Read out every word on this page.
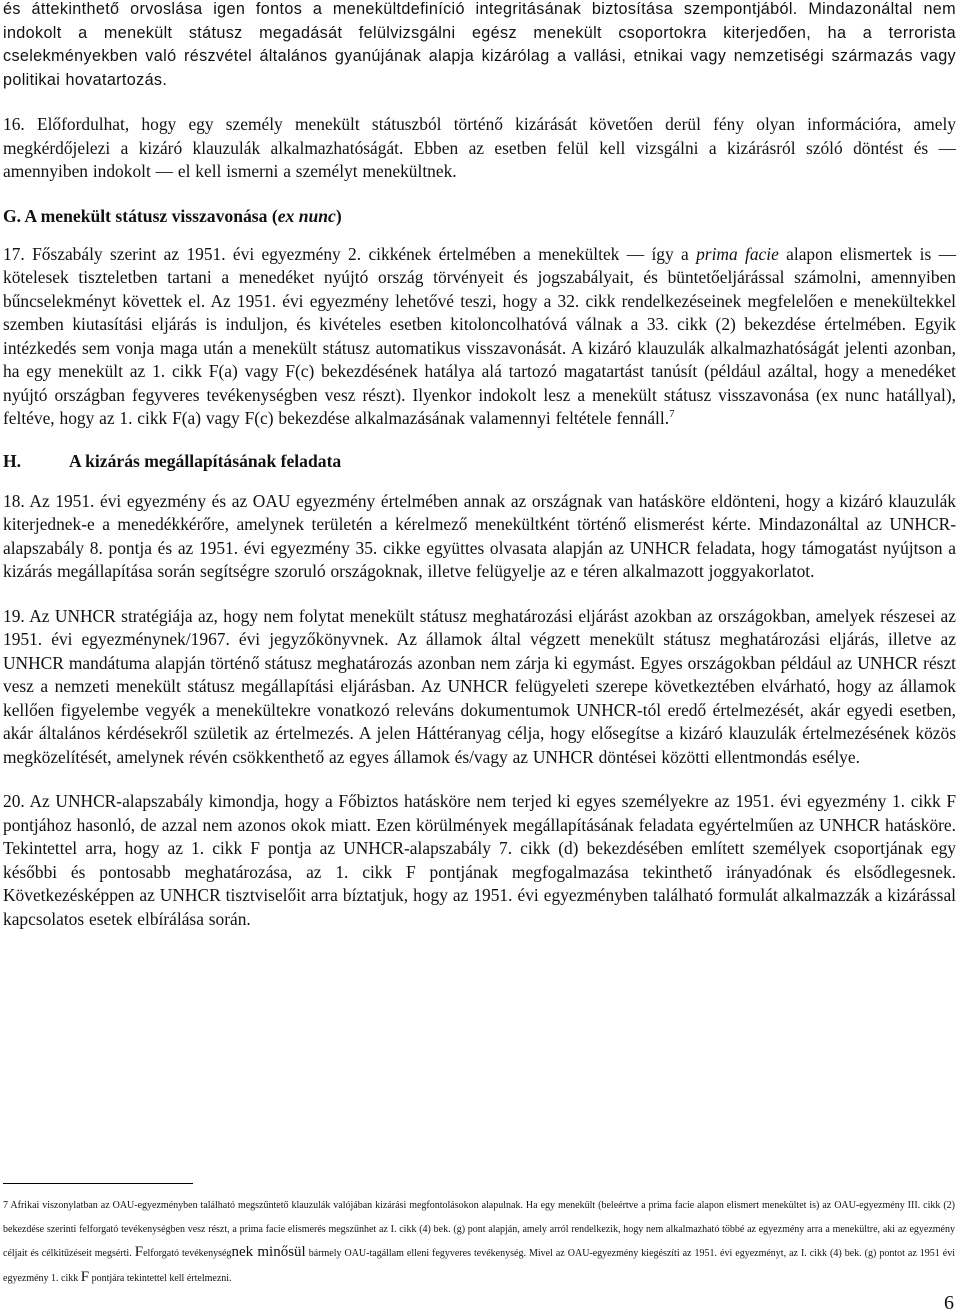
és áttekinthető orvoslása igen fontos a menekültdefiníció integritásának biztosítása szempontjából. Mindazonáltal nem indokolt a menekült státusz megadását felülvizsgálni egész menekült csoportokra kiterjedően, ha a terrorista cselekményekben való részvétel általános gyanújának alapja kizárólag a vallási, etnikai vagy nemzetiségi származás vagy politikai hovatartozás.

16. Előfordulhat, hogy egy személy menekült státuszból történő kizárását követően derül fény olyan információra, amely megkérdőjelezi a kizáró klauzulák alkalmazhatóságát. Ebben az esetben felül kell vizsgálni a kizárásról szóló döntést és — amennyiben indokolt — el kell ismerni a személyt menekültnek.

G. A menekült státusz visszavonása (ex nunc)

17. Főszabály szerint az 1951. évi egyezmény 2. cikkének értelmében a menekültek — így a prima facie alapon elismertek is — kötelesek tiszteletben tartani a menedéket nyújtó ország törvényeit és jogszabályait, és büntetőeljárással számolni, amennyiben bűncselekményt követtek el. Az 1951. évi egyezmény lehetővé teszi, hogy a 32. cikk rendelkezéseinek megfelelően e menekültekkel szemben kiutasítási eljárás is induljon, és kivételes esetben kitoloncolhatóvá válnak a 33. cikk (2) bekezdése értelmében. Egyik intézkedés sem vonja maga után a menekült státusz automatikus visszavonását. A kizáró klauzulák alkalmazhatóságát jelenti azonban, ha egy menekült az 1. cikk F(a) vagy F(c) bekezdésének hatálya alá tartozó magatartást tanúsít (például azáltal, hogy a menedéket nyújtó országban fegyveres tevékenységben vesz részt). Ilyenkor indokolt lesz a menekült státusz visszavonása (ex nunc hatállyal), feltéve, hogy az 1. cikk F(a) vagy F(c) bekezdése alkalmazásának valamennyi feltétele fennáll.$^7$

H.	A kizárás megállapításának feladata

18. Az 1951. évi egyezmény és az OAU egyezmény értelmében annak az országnak van hatásköre eldönteni, hogy a kizáró klauzulák kiterjednek-e a menedékkérőre, amelynek területén a kérelmező menekültként történő elismerést kérte. Mindazonáltal az UNHCR-alapszabály 8. pontja és az 1951. évi egyezmény 35. cikke együttes olvasata alapján az UNHCR feladata, hogy támogatást nyújtson a kizárás megállapítása során segítségre szoruló országoknak, illetve felügyelje az e téren alkalmazott joggyakorlatot.

19. Az UNHCR stratégiája az, hogy nem folytat menekült státusz meghatározási eljárást azokban az országokban, amelyek részesei az 1951. évi egyezménynek/1967. évi jegyzőkönyvnek. Az államok által végzett menekült státusz meghatározási eljárás, illetve az UNHCR mandátuma alapján történő státusz meghatározás azonban nem zárja ki egymást. Egyes országokban például az UNHCR részt vesz a nemzeti menekült státusz megállapítási eljárásban. Az UNHCR felügyeleti szerepe következtében elvárható, hogy az államok kellően figyelembe vegyék a menekültekre vonatkozó releváns dokumentumok UNHCR-tól eredő értelmezését, akár egyedi esetben, akár általános kérdésekről születik az értelmezés. A jelen Háttéranyag célja, hogy elősegítse a kizáró klauzulák értelmezésének közös megközelítését, amelynek révén csökkenthető az egyes államok és/vagy az UNHCR döntései közötti ellentmondás esélye.

20. Az UNHCR-alapszabály kimondja, hogy a Főbiztos hatásköre nem terjed ki egyes személyekre az 1951. évi egyezmény 1. cikk F pontjához hasonló, de azzal nem azonos okok miatt. Ezen körülmények megállapításának feladata egyértelműen az UNHCR hatásköre. Tekintettel arra, hogy az 1. cikk F pontja az UNHCR-alapszabály 7. cikk (d) bekezdésében említett személyek csoportjának egy későbbi és pontosabb meghatározása, az 1. cikk F pontjának megfogalmazása tekinthető irányadónak és elsődlegesnek. Következésképpen az UNHCR tisztviselőit arra bíztatjuk, hogy az 1951. évi egyezményben található formulát alkalmazzák a kizárással kapcsolatos esetek elbírálása során.

7 Afrikai viszonylatban az OAU-egyezményben található megszűntető klauzulák valójában kizárási megfontolásokon alapulnak. Ha egy menekült (beleértve a prima facie alapon elismert menekültet is) az OAU-egyezmény III. cikk (2) bekezdése szerinti felforgató tevékenységben vesz részt, a prima facie elismerés megszűnhet az I. cikk (4) bek. (g) pont alapján, amely arról rendelkezik, hogy nem alkalmazható többé az egyezmény arra a menekültre, aki az egyezmény céljait és célkitűzéseit megsérti. Felforgató tevékenységnek minősül bármely OAU-tagállam elleni fegyveres tevékenység. Mivel az OAU-egyezmény kiegészíti az 1951. évi egyezményt, az I. cikk (4) bek. (g) pontot az 1951 évi egyezmény 1. cikk F pontjára tekintettel kell értelmezni.
6
